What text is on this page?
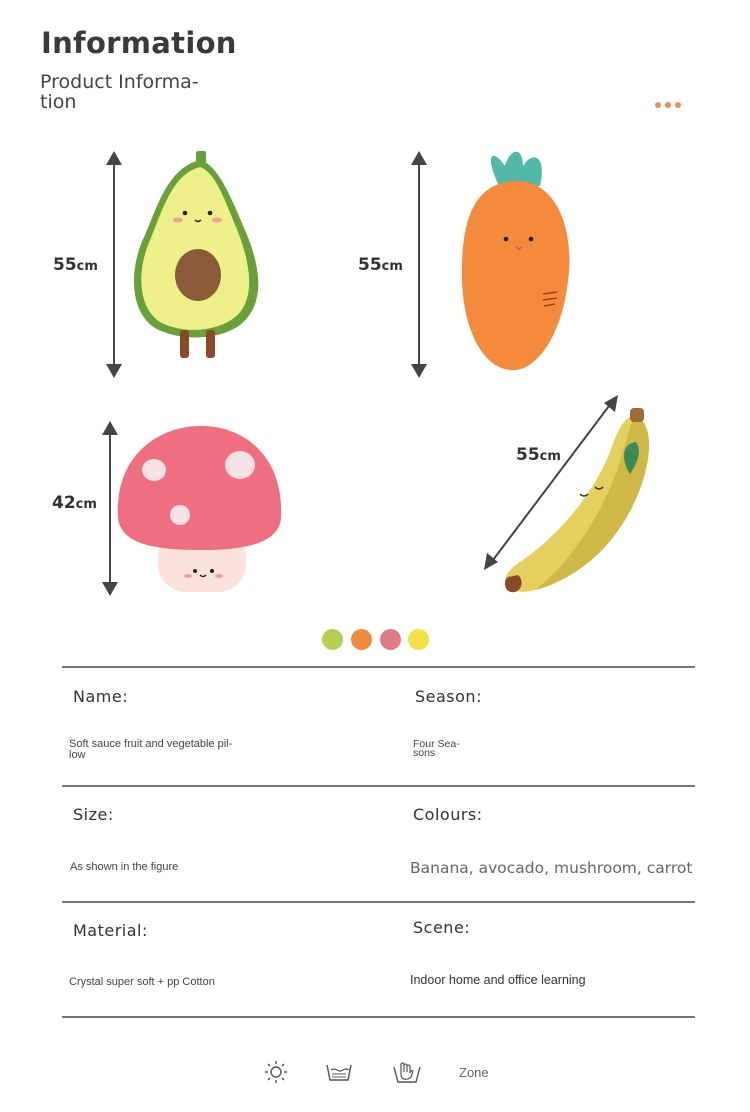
Information
Product Informa-
tion
55cm	55cm
42cm
55cm
Name:	Season:
Soft sauce fruit and vegetable pil-
low
Four Sea-
sons
Size:	Colours:
As shown in the figure	Banana, avocado, mushroom, carrot
Material:	Scene:
Crystal super soft + pp Cotton	Indoor home and office learning
Zone
